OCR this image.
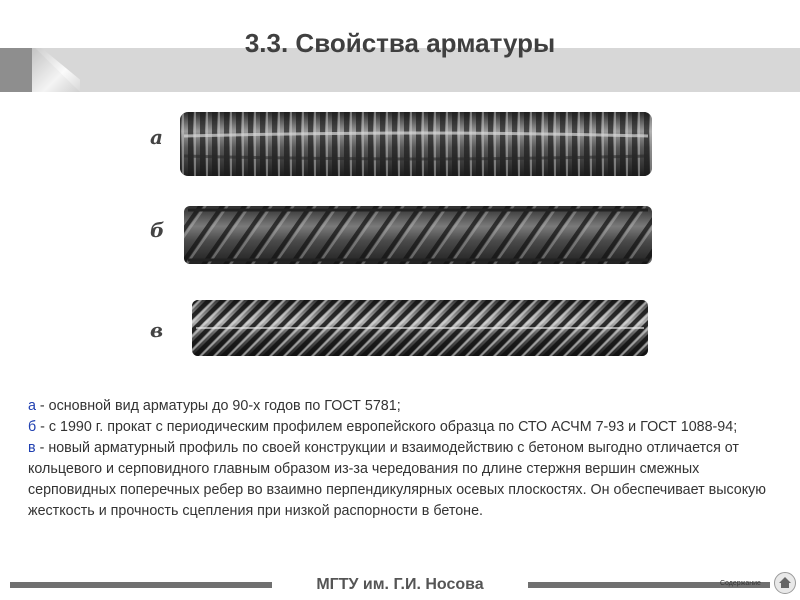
3.3. Свойства арматуры
а
б
в

а - основной вид арматуры до 90-х годов по ГОСТ 5781;

б - с 1990 г. прокат с периодическим профилем европейского образца по СТО АСЧМ 7-93 и ГОСТ 1088-94;

в - новый арматурный профиль по своей конструкции и взаимодействию с бетоном выгодно отличается от кольцевого и серповидного главным образом из-за чередования по длине стержня вершин смежных серповидных поперечных ребер во взаимно перпендикулярных осевых плоскостях. Он обеспечивает высокую жесткость и прочность сцепления при низкой распорности в бетоне.

МГТУ им. Г.И. Носова	Содержание
